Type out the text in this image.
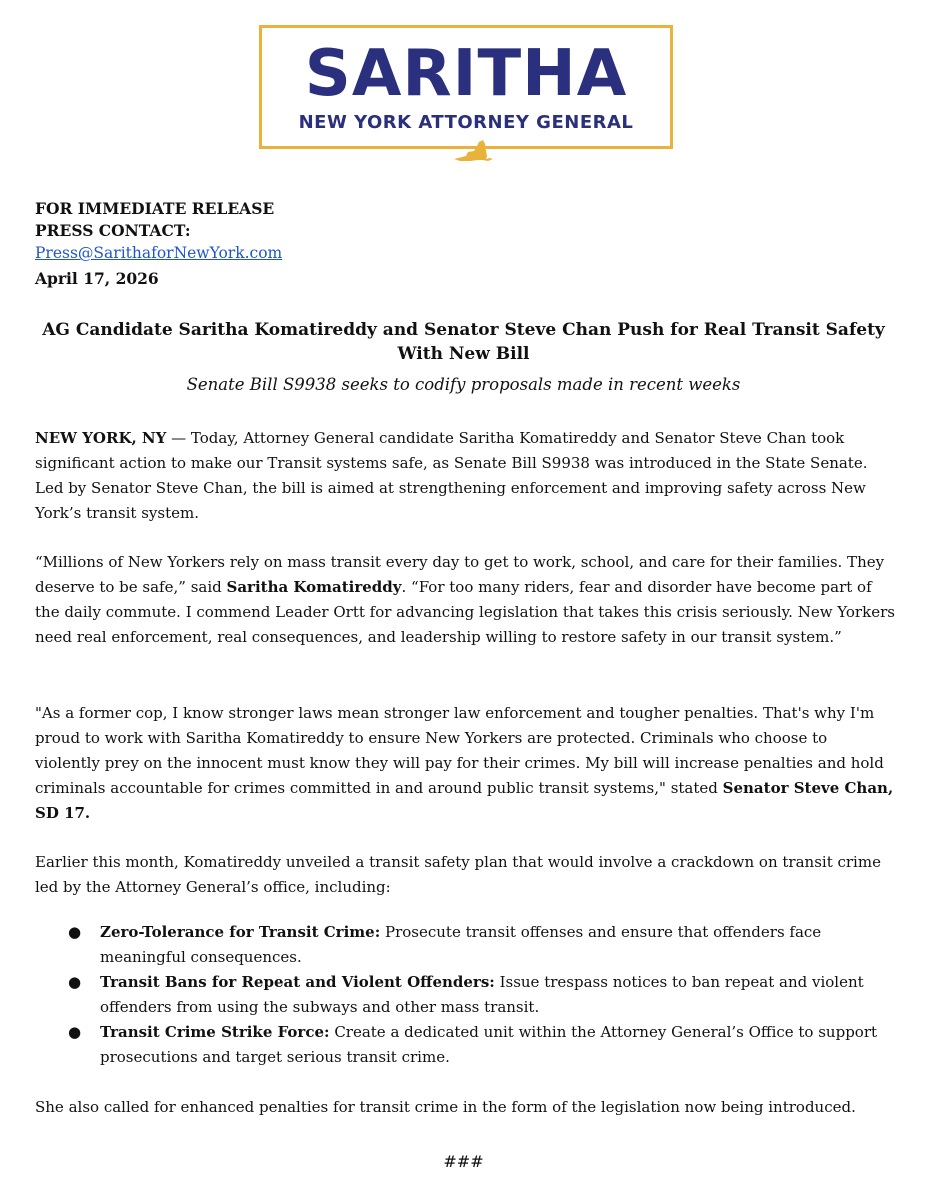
SARITHA
NEW YORK ATTORNEY GENERAL
FOR IMMEDIATE RELEASE
PRESS CONTACT:
Press@SarithaforNewYork.com
April 17, 2026
AG Candidate Saritha Komatireddy and Senator Steve Chan Push for Real Transit Safety With New Bill
Senate Bill S9938 seeks to codify proposals made in recent weeks

NEW YORK, NY — Today, Attorney General candidate Saritha Komatireddy and Senator Steve Chan took significant action to make our Transit systems safe, as Senate Bill S9938 was introduced in the State Senate. Led by Senator Steve Chan, the bill is aimed at strengthening enforcement and improving safety across New York’s transit system.

“Millions of New Yorkers rely on mass transit every day to get to work, school, and care for their families. They deserve to be safe,” said Saritha Komatireddy. “For too many riders, fear and disorder have become part of the daily commute. I commend Leader Ortt for advancing legislation that takes this crisis seriously. New Yorkers need real enforcement, real consequences, and leadership willing to restore safety in our transit system.”

"As a former cop, I know stronger laws mean stronger law enforcement and tougher penalties. That's why I'm proud to work with Saritha Komatireddy to ensure New Yorkers are protected. Criminals who choose to violently prey on the innocent must know they will pay for their crimes. My bill will increase penalties and hold criminals accountable for crimes committed in and around public transit systems," stated Senator Steve Chan, SD 17.

Earlier this month, Komatireddy unveiled a transit safety plan that would involve a crackdown on transit crime led by the Attorney General’s office, including:

● Zero-Tolerance for Transit Crime: Prosecute transit offenses and ensure that offenders face meaningful consequences.
● Transit Bans for Repeat and Violent Offenders: Issue trespass notices to ban repeat and violent offenders from using the subways and other mass transit.
● Transit Crime Strike Force: Create a dedicated unit within the Attorney General’s Office to support prosecutions and target serious transit crime.

She also called for enhanced penalties for transit crime in the form of the legislation now being introduced.

###
